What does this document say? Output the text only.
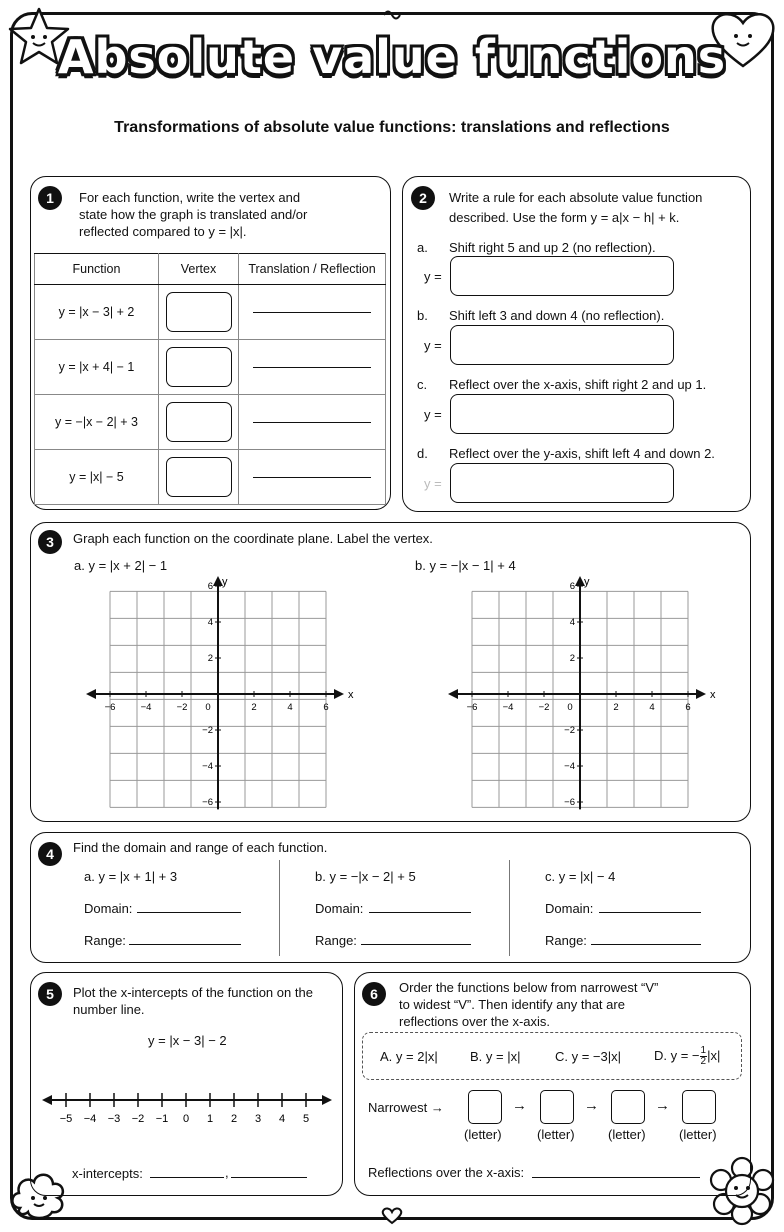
Absolute value functions
Transformations of absolute value functions: translations and reflections
1	For each function, write the vertex and
state how the graph is translated and/or
reflected compared to y = |x|.
Function	Vertex	Translation / Reflection
y = |x − 3| + 2		
y = |x + 4| − 1		
y = −|x − 2| + 3		
y = |x| − 5		
2	Write a rule for each absolute value function
described. Use the form y = a|x − h| + k.
a. Shift right 5 and up 2 (no reflection).
y =
b. Shift left 3 and down 4 (no reflection).
y =
c. Reflect over the x-axis, shift right 2 and up 1.
y =
d. Reflect over the y-axis, shift left 4 and down 2.
y =
3	Graph each function on the coordinate plane. Label the vertex.
a. y = |x + 2| − 1	b. y = −|x − 1| + 4
x
y
−6	−4	−2 0	2	4	6
6
4
2
−2
−4
−6
x
y
−6	−4	−2 0	2	4	6
6
4
2
−2
−4
−6
4	Find the domain and range of each function.
a. y = |x + 1| + 3
Domain:
Range:
b. y = −|x − 2| + 5
Domain:
Range:
c. y = |x| − 4
Domain:
Range:
5	Plot the x-intercepts of the function on the
number line.
y = |x − 3| − 2
−5 −4 −3 −2 −1 0 1 2 3 4 5
x-intercepts:	,
6	Order the functions below from narrowest “V”
to widest “V”. Then identify any that are
reflections over the x-axis.
A. y = 2|x| B. y = |x|	C. y = −3|x|	D. y = − $\frac{1}{2} |x|$
Narrowest →	→	→	→
(letter)	(letter)	(letter)	(letter)
Reflections over the x-axis:
